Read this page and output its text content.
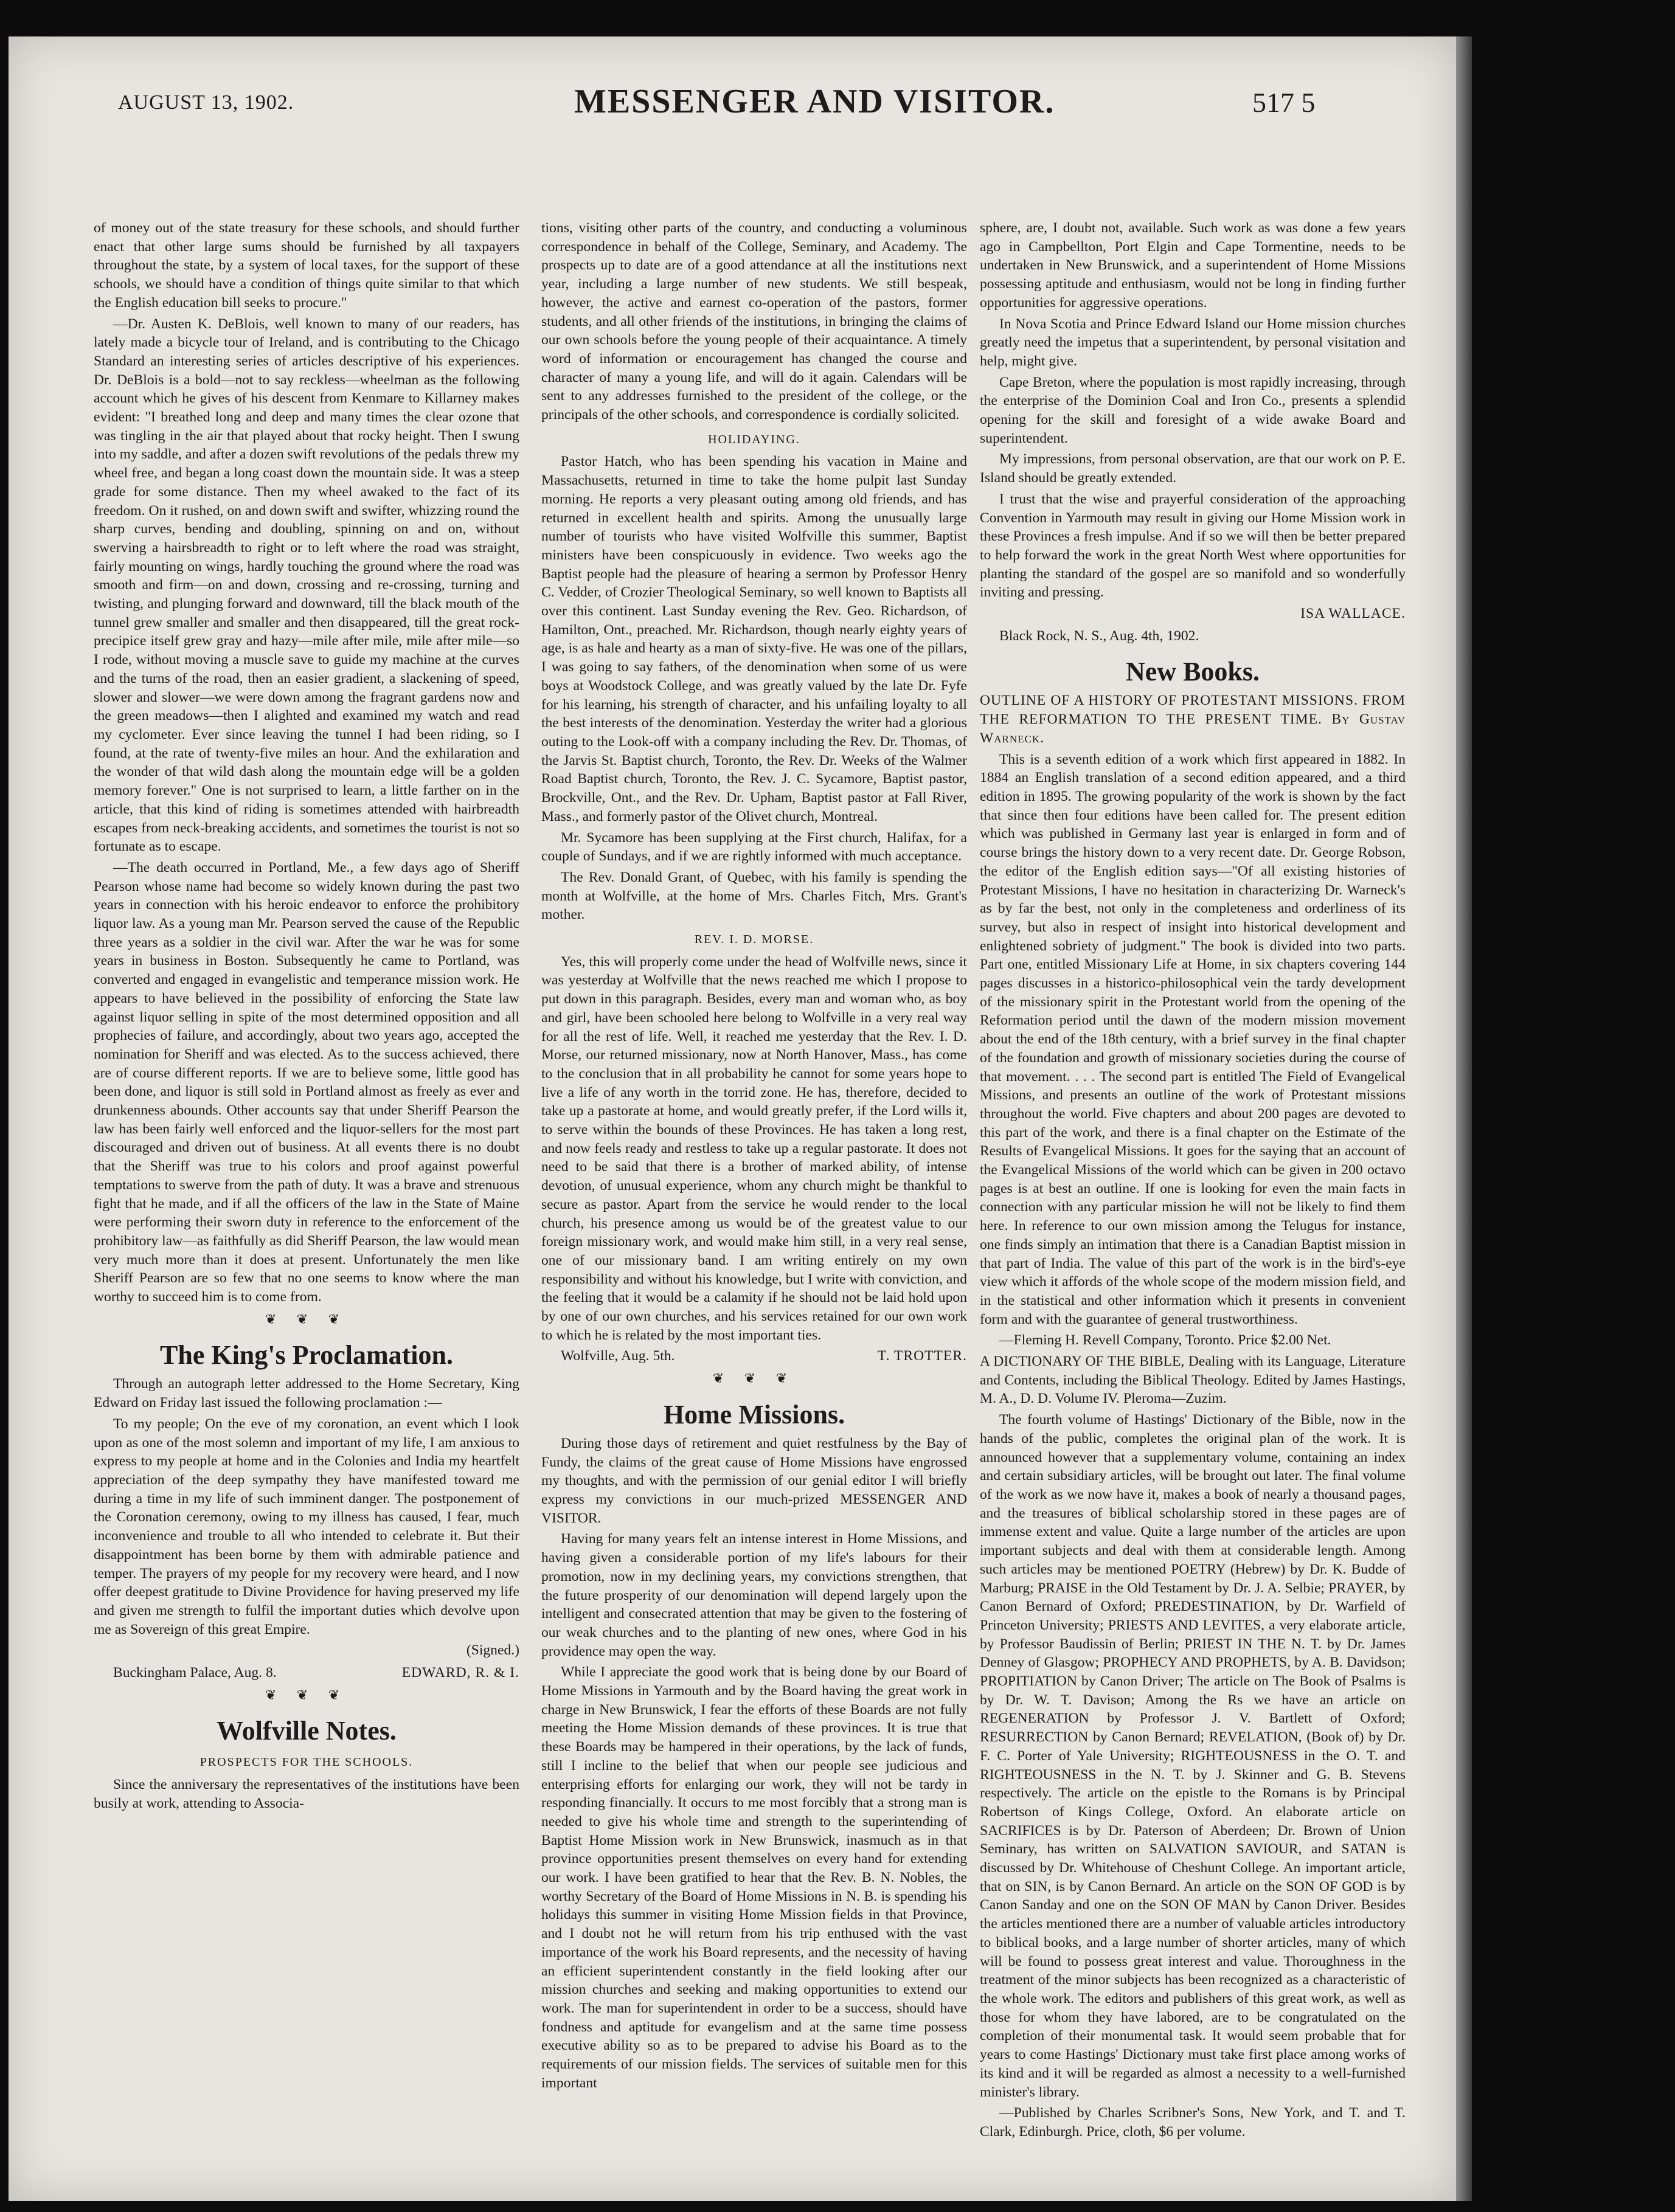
AUGUST 13, 1902.	MESSENGER AND VISITOR.	517 5

of money out of the state treasury for these schools, and should further enact that other large sums should be furnished by all taxpayers throughout the state, by a system of local taxes, for the support of these schools, we should have a condition of things quite similar to that which the English education bill seeks to procure."

—Dr. Austen K. DeBlois, well known to many of our readers, has lately made a bicycle tour of Ireland, and is contributing to the Chicago Standard an interesting series of articles descriptive of his experiences. Dr. DeBlois is a bold—not to say reckless—wheelman as the following account which he gives of his descent from Kenmare to Killarney makes evident: "I breathed long and deep and many times the clear ozone that was tingling in the air that played about that rocky height. Then I swung into my saddle, and after a dozen swift revolutions of the pedals threw my wheel free, and began a long coast down the mountain side. It was a steep grade for some distance. Then my wheel awaked to the fact of its freedom. On it rushed, on and down swift and swifter, whizzing round the sharp curves, bending and doubling, spinning on and on, without swerving a hairsbreadth to right or to left where the road was straight, fairly mounting on wings, hardly touching the ground where the road was smooth and firm—on and down, crossing and re-crossing, turning and twisting, and plunging forward and downward, till the black mouth of the tunnel grew smaller and smaller and then disappeared, till the great rock-precipice itself grew gray and hazy—mile after mile, mile after mile—so I rode, without moving a muscle save to guide my machine at the curves and the turns of the road, then an easier gradient, a slackening of speed, slower and slower—we were down among the fragrant gardens now and the green meadows—then I alighted and examined my watch and read my cyclometer. Ever since leaving the tunnel I had been riding, so I found, at the rate of twenty-five miles an hour. And the exhilaration and the wonder of that wild dash along the mountain edge will be a golden memory forever." One is not surprised to learn, a little farther on in the article, that this kind of riding is sometimes attended with hairbreadth escapes from neck-breaking accidents, and sometimes the tourist is not so fortunate as to escape.

—The death occurred in Portland, Me., a few days ago of Sheriff Pearson whose name had become so widely known during the past two years in connection with his heroic endeavor to enforce the prohibitory liquor law. As a young man Mr. Pearson served the cause of the Republic three years as a soldier in the civil war. After the war he was for some years in business in Boston. Subsequently he came to Portland, was converted and engaged in evangelistic and temperance mission work. He appears to have believed in the possibility of enforcing the State law against liquor selling in spite of the most determined opposition and all prophecies of failure, and accordingly, about two years ago, accepted the nomination for Sheriff and was elected. As to the success achieved, there are of course different reports. If we are to believe some, little good has been done, and liquor is still sold in Portland almost as freely as ever and drunkenness abounds. Other accounts say that under Sheriff Pearson the law has been fairly well enforced and the liquor-sellers for the most part discouraged and driven out of business. At all events there is no doubt that the Sheriff was true to his colors and proof against powerful temptations to swerve from the path of duty. It was a brave and strenuous fight that he made, and if all the officers of the law in the State of Maine were performing their sworn duty in reference to the enforcement of the prohibitory law—as faithfully as did Sheriff Pearson, the law would mean very much more than it does at present. Unfortunately the men like Sheriff Pearson are so few that no one seems to know where the man worthy to succeed him is to come from.

❦ ❦ ❦
The King's Proclamation.

Through an autograph letter addressed to the Home Secretary, King Edward on Friday last issued the following proclamation :—

To my people; On the eve of my coronation, an event which I look upon as one of the most solemn and important of my life, I am anxious to express to my people at home and in the Colonies and India my heartfelt appreciation of the deep sympathy they have manifested toward me during a time in my life of such imminent danger. The postponement of the Coronation ceremony, owing to my illness has caused, I fear, much inconvenience and trouble to all who intended to celebrate it. But their disappointment has been borne by them with admirable patience and temper. The prayers of my people for my recovery were heard, and I now offer deepest gratitude to Divine Providence for having preserved my life and given me strength to fulfil the important duties which devolve upon me as Sovereign of this great Empire.

(Signed.)
Buckingham Palace, Aug. 8.	EDWARD, R. & I.
❦ ❦ ❦
Wolfville Notes.
PROSPECTS FOR THE SCHOOLS.

Since the anniversary the representatives of the institutions have been busily at work, attending to Associa-

tions, visiting other parts of the country, and conducting a voluminous correspondence in behalf of the College, Seminary, and Academy. The prospects up to date are of a good attendance at all the institutions next year, including a large number of new students. We still bespeak, however, the active and earnest co-operation of the pastors, former students, and all other friends of the institutions, in bringing the claims of our own schools before the young people of their acquaintance. A timely word of information or encouragement has changed the course and character of many a young life, and will do it again. Calendars will be sent to any addresses furnished to the president of the college, or the principals of the other schools, and correspondence is cordially solicited.

HOLIDAYING.

Pastor Hatch, who has been spending his vacation in Maine and Massachusetts, returned in time to take the home pulpit last Sunday morning. He reports a very pleasant outing among old friends, and has returned in excellent health and spirits. Among the unusually large number of tourists who have visited Wolfville this summer, Baptist ministers have been conspicuously in evidence. Two weeks ago the Baptist people had the pleasure of hearing a sermon by Professor Henry C. Vedder, of Crozier Theological Seminary, so well known to Baptists all over this continent. Last Sunday evening the Rev. Geo. Richardson, of Hamilton, Ont., preached. Mr. Richardson, though nearly eighty years of age, is as hale and hearty as a man of sixty-five. He was one of the pillars, I was going to say fathers, of the denomination when some of us were boys at Woodstock College, and was greatly valued by the late Dr. Fyfe for his learning, his strength of character, and his unfailing loyalty to all the best interests of the denomination. Yesterday the writer had a glorious outing to the Look-off with a company including the Rev. Dr. Thomas, of the Jarvis St. Baptist church, Toronto, the Rev. Dr. Weeks of the Walmer Road Baptist church, Toronto, the Rev. J. C. Sycamore, Baptist pastor, Brockville, Ont., and the Rev. Dr. Upham, Baptist pastor at Fall River, Mass., and formerly pastor of the Olivet church, Montreal.

Mr. Sycamore has been supplying at the First church, Halifax, for a couple of Sundays, and if we are rightly informed with much acceptance.

The Rev. Donald Grant, of Quebec, with his family is spending the month at Wolfville, at the home of Mrs. Charles Fitch, Mrs. Grant's mother.

REV. I. D. MORSE.

Yes, this will properly come under the head of Wolfville news, since it was yesterday at Wolfville that the news reached me which I propose to put down in this paragraph. Besides, every man and woman who, as boy and girl, have been schooled here belong to Wolfville in a very real way for all the rest of life. Well, it reached me yesterday that the Rev. I. D. Morse, our returned missionary, now at North Hanover, Mass., has come to the conclusion that in all probability he cannot for some years hope to live a life of any worth in the torrid zone. He has, therefore, decided to take up a pastorate at home, and would greatly prefer, if the Lord wills it, to serve within the bounds of these Provinces. He has taken a long rest, and now feels ready and restless to take up a regular pastorate. It does not need to be said that there is a brother of marked ability, of intense devotion, of unusual experience, whom any church might be thankful to secure as pastor. Apart from the service he would render to the local church, his presence among us would be of the greatest value to our foreign missionary work, and would make him still, in a very real sense, one of our missionary band. I am writing entirely on my own responsibility and without his knowledge, but I write with conviction, and the feeling that it would be a calamity if he should not be laid hold upon by one of our own churches, and his services retained for our own work to which he is related by the most important ties.

Wolfville, Aug. 5th.	T. TROTTER.
❦ ❦ ❦
Home Missions.

During those days of retirement and quiet restfulness by the Bay of Fundy, the claims of the great cause of Home Missions have engrossed my thoughts, and with the permission of our genial editor I will briefly express my convictions in our much-prized MESSENGER AND VISITOR.

Having for many years felt an intense interest in Home Missions, and having given a considerable portion of my life's labours for their promotion, now in my declining years, my convictions strengthen, that the future prosperity of our denomination will depend largely upon the intelligent and consecrated attention that may be given to the fostering of our weak churches and to the planting of new ones, where God in his providence may open the way.

While I appreciate the good work that is being done by our Board of Home Missions in Yarmouth and by the Board having the great work in charge in New Brunswick, I fear the efforts of these Boards are not fully meeting the Home Mission demands of these provinces. It is true that these Boards may be hampered in their operations, by the lack of funds, still I incline to the belief that when our people see judicious and enterprising efforts for enlarging our work, they will not be tardy in responding financially. It occurs to me most forcibly that a strong man is needed to give his whole time and strength to the superintending of Baptist Home Mission work in New Brunswick, inasmuch as in that province opportunities present themselves on every hand for extending our work. I have been gratified to hear that the Rev. B. N. Nobles, the worthy Secretary of the Board of Home Missions in N. B. is spending his holidays this summer in visiting Home Mission fields in that Province, and I doubt not he will return from his trip enthused with the vast importance of the work his Board represents, and the necessity of having an efficient superintendent constantly in the field looking after our mission churches and seeking and making opportunities to extend our work. The man for superintendent in order to be a success, should have fondness and aptitude for evangelism and at the same time possess executive ability so as to be prepared to advise his Board as to the requirements of our mission fields. The services of suitable men for this important

sphere, are, I doubt not, available. Such work as was done a few years ago in Campbellton, Port Elgin and Cape Tormentine, needs to be undertaken in New Brunswick, and a superintendent of Home Missions possessing aptitude and enthusiasm, would not be long in finding further opportunities for aggressive operations.

In Nova Scotia and Prince Edward Island our Home mission churches greatly need the impetus that a superintendent, by personal visitation and help, might give.

Cape Breton, where the population is most rapidly increasing, through the enterprise of the Dominion Coal and Iron Co., presents a splendid opening for the skill and foresight of a wide awake Board and superintendent.

My impressions, from personal observation, are that our work on P. E. Island should be greatly extended.

I trust that the wise and prayerful consideration of the approaching Convention in Yarmouth may result in giving our Home Mission work in these Provinces a fresh impulse. And if so we will then be better prepared to help forward the work in the great North West where opportunities for planting the standard of the gospel are so manifold and so wonderfully inviting and pressing.

ISA WALLACE.

Black Rock, N. S., Aug. 4th, 1902.

New Books.

OUTLINE OF A HISTORY OF PROTESTANT MISSIONS. FROM THE REFORMATION TO THE PRESENT TIME. By Gustav Warneck.

This is a seventh edition of a work which first appeared in 1882. In 1884 an English translation of a second edition appeared, and a third edition in 1895. The growing popularity of the work is shown by the fact that since then four editions have been called for. The present edition which was published in Germany last year is enlarged in form and of course brings the history down to a very recent date. Dr. George Robson, the editor of the English edition says—"Of all existing histories of Protestant Missions, I have no hesitation in characterizing Dr. Warneck's as by far the best, not only in the completeness and orderliness of its survey, but also in respect of insight into historical development and enlightened sobriety of judgment." The book is divided into two parts. Part one, entitled Missionary Life at Home, in six chapters covering 144 pages discusses in a historico-philosophical vein the tardy development of the missionary spirit in the Protestant world from the opening of the Reformation period until the dawn of the modern mission movement about the end of the 18th century, with a brief survey in the final chapter of the foundation and growth of missionary societies during the course of that movement. . . . The second part is entitled The Field of Evangelical Missions, and presents an outline of the work of Protestant missions throughout the world. Five chapters and about 200 pages are devoted to this part of the work, and there is a final chapter on the Estimate of the Results of Evangelical Missions. It goes for the saying that an account of the Evangelical Missions of the world which can be given in 200 octavo pages is at best an outline. If one is looking for even the main facts in connection with any particular mission he will not be likely to find them here. In reference to our own mission among the Telugus for instance, one finds simply an intimation that there is a Canadian Baptist mission in that part of India. The value of this part of the work is in the bird's-eye view which it affords of the whole scope of the modern mission field, and in the statistical and other information which it presents in convenient form and with the guarantee of general trustworthiness.

—Fleming H. Revell Company, Toronto. Price $2.00 Net.

A DICTIONARY OF THE BIBLE, Dealing with its Language, Literature and Contents, including the Biblical Theology. Edited by James Hastings, M. A., D. D. Volume IV. Pleroma—Zuzim.

The fourth volume of Hastings' Dictionary of the Bible, now in the hands of the public, completes the original plan of the work. It is announced however that a supplementary volume, containing an index and certain subsidiary articles, will be brought out later. The final volume of the work as we now have it, makes a book of nearly a thousand pages, and the treasures of biblical scholarship stored in these pages are of immense extent and value. Quite a large number of the articles are upon important subjects and deal with them at considerable length. Among such articles may be mentioned POETRY (Hebrew) by Dr. K. Budde of Marburg; PRAISE in the Old Testament by Dr. J. A. Selbie; PRAYER, by Canon Bernard of Oxford; PREDESTINATION, by Dr. Warfield of Princeton University; PRIESTS AND LEVITES, a very elaborate article, by Professor Baudissin of Berlin; PRIEST IN THE N. T. by Dr. James Denney of Glasgow; PROPHECY AND PROPHETS, by A. B. Davidson; PROPITIATION by Canon Driver; The article on The Book of Psalms is by Dr. W. T. Davison; Among the Rs we have an article on REGENERATION by Professor J. V. Bartlett of Oxford; RESURRECTION by Canon Bernard; REVELATION, (Book of) by Dr. F. C. Porter of Yale University; RIGHTEOUSNESS in the O. T. and RIGHTEOUSNESS in the N. T. by J. Skinner and G. B. Stevens respectively. The article on the epistle to the Romans is by Principal Robertson of Kings College, Oxford. An elaborate article on SACRIFICES is by Dr. Paterson of Aberdeen; Dr. Brown of Union Seminary, has written on SALVATION SAVIOUR, and SATAN is discussed by Dr. Whitehouse of Cheshunt College. An important article, that on SIN, is by Canon Bernard. An article on the SON OF GOD is by Canon Sanday and one on the SON OF MAN by Canon Driver. Besides the articles mentioned there are a number of valuable articles introductory to biblical books, and a large number of shorter articles, many of which will be found to possess great interest and value. Thoroughness in the treatment of the minor subjects has been recognized as a characteristic of the whole work. The editors and publishers of this great work, as well as those for whom they have labored, are to be congratulated on the completion of their monumental task. It would seem probable that for years to come Hastings' Dictionary must take first place among works of its kind and it will be regarded as almost a necessity to a well-furnished minister's library.

—Published by Charles Scribner's Sons, New York, and T. and T. Clark, Edinburgh. Price, cloth, $6 per volume.
